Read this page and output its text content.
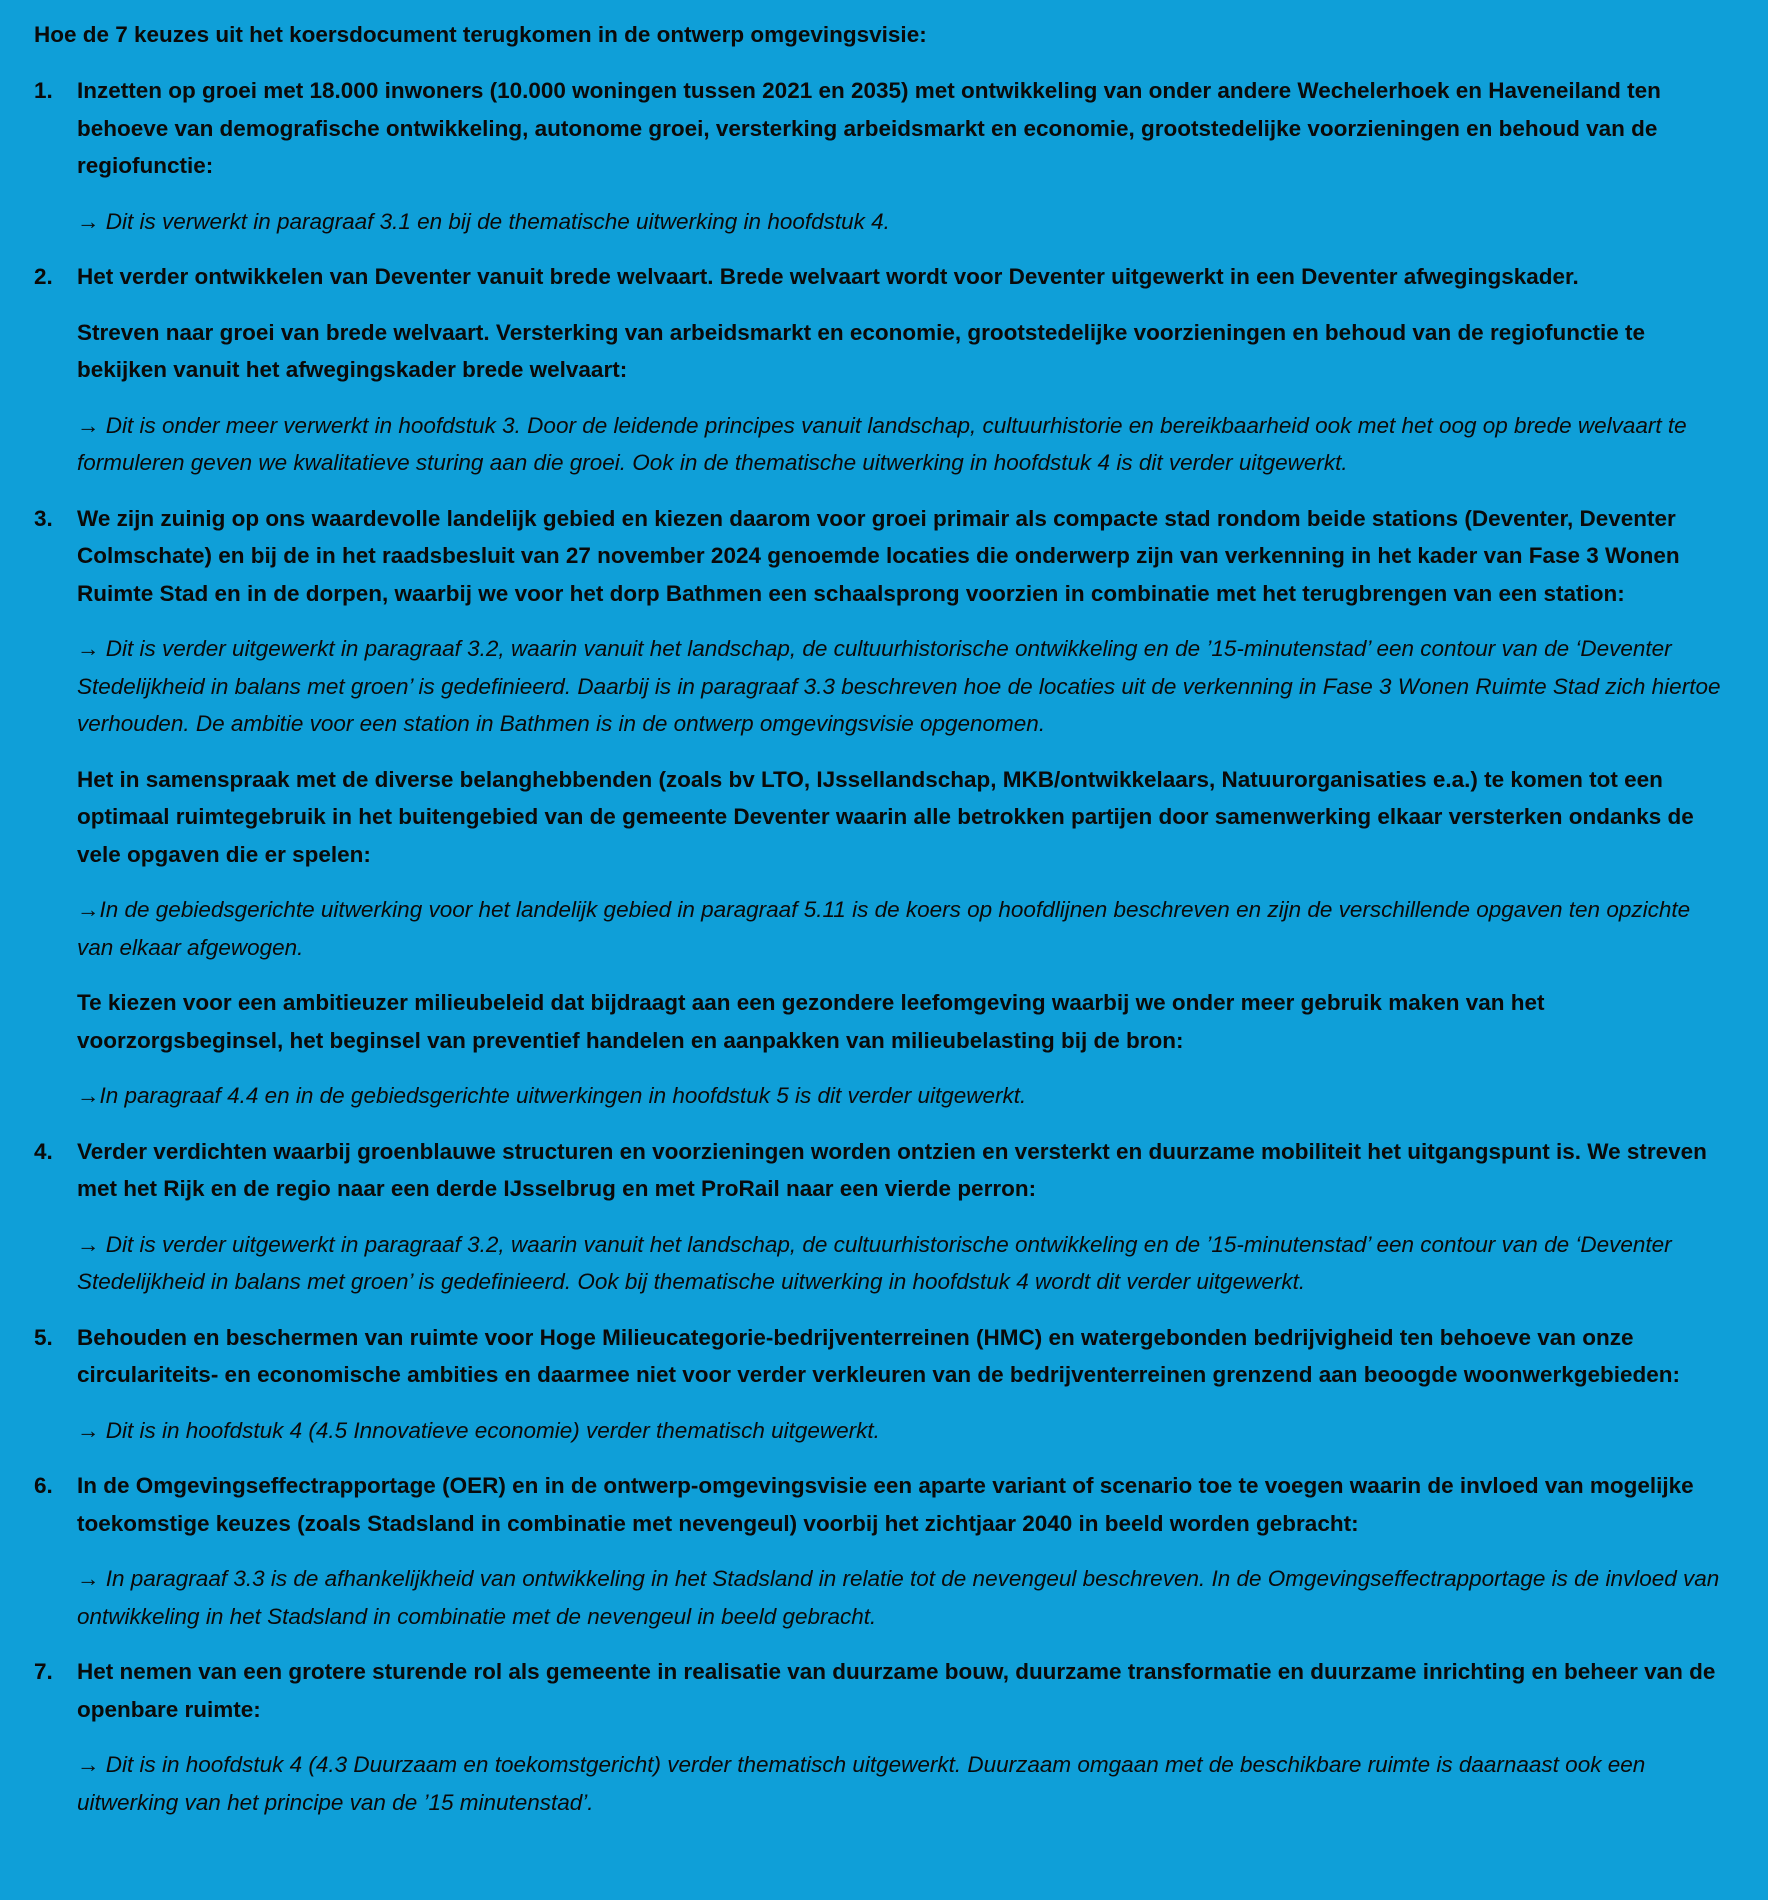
Hoe de 7 keuzes uit het koersdocument terugkomen in de ontwerp omgevingsvisie:

1.	Inzetten op groei met 18.000 inwoners (10.000 woningen tussen 2021 en 2035) met ontwikkeling van onder andere Wechelerhoek en Haveneiland ten behoeve van demografische ontwikkeling, autonome groei, versterking arbeidsmarkt en economie, grootstedelijke voorzieningen en behoud van de regiofunctie:

→ Dit is verwerkt in paragraaf 3.1 en bij de thematische uitwerking in hoofdstuk 4.

2.	Het verder ontwikkelen van Deventer vanuit brede welvaart. Brede welvaart wordt voor Deventer uitgewerkt in een Deventer afwegingskader.

Streven naar groei van brede welvaart. Versterking van arbeidsmarkt en economie, grootstedelijke voorzieningen en behoud van de regiofunctie te bekijken vanuit het afwegingskader brede welvaart:

→ Dit is onder meer verwerkt in hoofdstuk 3. Door de leidende principes vanuit landschap, cultuurhistorie en bereikbaarheid ook met het oog op brede welvaart te formuleren geven we kwalitatieve sturing aan die groei. Ook in de thematische uitwerking in hoofdstuk 4 is dit verder uitgewerkt.

3.	We zijn zuinig op ons waardevolle landelijk gebied en kiezen daarom voor groei primair als compacte stad rondom beide stations (Deventer, Deventer Colmschate) en bij de in het raadsbesluit van 27 november 2024 genoemde locaties die onderwerp zijn van verkenning in het kader van Fase 3 Wonen Ruimte Stad en in de dorpen, waarbij we voor het dorp Bathmen een schaalsprong voorzien in combinatie met het terugbrengen van een station:

→ Dit is verder uitgewerkt in paragraaf 3.2, waarin vanuit het landschap, de cultuurhistorische ontwikkeling en de ’15-minutenstad’ een contour van de ‘Deventer Stedelijkheid in balans met groen’ is gedefinieerd. Daarbij is in paragraaf 3.3 beschreven hoe de locaties uit de verkenning in Fase 3 Wonen Ruimte Stad zich hiertoe verhouden. De ambitie voor een station in Bathmen is in de ontwerp omgevingsvisie opgenomen.

Het in samenspraak met de diverse belanghebbenden (zoals bv LTO, IJssellandschap, MKB/ontwikkelaars, Natuurorganisaties e.a.) te komen tot een optimaal ruimtegebruik in het buitengebied van de gemeente Deventer waarin alle betrokken partijen door samenwerking elkaar versterken ondanks de vele opgaven die er spelen:

→In de gebiedsgerichte uitwerking voor het landelijk gebied in paragraaf 5.11 is de koers op hoofdlijnen beschreven en zijn de verschillende opgaven ten opzichte van elkaar afgewogen.

Te kiezen voor een ambitieuzer milieubeleid dat bijdraagt aan een gezondere leefomgeving waarbij we onder meer gebruik maken van het voorzorgsbeginsel, het beginsel van preventief handelen en aanpakken van milieubelasting bij de bron:

→In paragraaf 4.4 en in de gebiedsgerichte uitwerkingen in hoofdstuk 5 is dit verder uitgewerkt.

4.	Verder verdichten waarbij groenblauwe structuren en voorzieningen worden ontzien en versterkt en duurzame mobiliteit het uitgangspunt is. We streven met het Rijk en de regio naar een derde IJsselbrug en met ProRail naar een vierde perron:

→ Dit is verder uitgewerkt in paragraaf 3.2, waarin vanuit het landschap, de cultuurhistorische ontwikkeling en de ’15-minutenstad’ een contour van de ‘Deventer Stedelijkheid in balans met groen’ is gedefinieerd. Ook bij thematische uitwerking in hoofdstuk 4 wordt dit verder uitgewerkt.

5.	Behouden en beschermen van ruimte voor Hoge Milieucategorie-bedrijventerreinen (HMC) en watergebonden bedrijvigheid ten behoeve van onze circulariteits- en economische ambities en daarmee niet voor verder verkleuren van de bedrijventerreinen grenzend aan beoogde woonwerkgebieden:

→ Dit is in hoofdstuk 4 (4.5 Innovatieve economie) verder thematisch uitgewerkt.

6.	In de Omgevingseffectrapportage (OER) en in de ontwerp-omgevingsvisie een aparte variant of scenario toe te voegen waarin de invloed van mogelijke toekomstige keuzes (zoals Stadsland in combinatie met nevengeul) voorbij het zichtjaar 2040 in beeld worden gebracht:

→ In paragraaf 3.3 is de afhankelijkheid van ontwikkeling in het Stadsland in relatie tot de nevengeul beschreven. In de Omgevingseffectrapportage is de invloed van ontwikkeling in het Stadsland in combinatie met de nevengeul in beeld gebracht.

7.	Het nemen van een grotere sturende rol als gemeente in realisatie van duurzame bouw, duurzame transformatie en duurzame inrichting en beheer van de openbare ruimte:

→ Dit is in hoofdstuk 4 (4.3 Duurzaam en toekomstgericht) verder thematisch uitgewerkt. Duurzaam omgaan met de beschikbare ruimte is daarnaast ook een uitwerking van het principe van de ’15 minutenstad’.
